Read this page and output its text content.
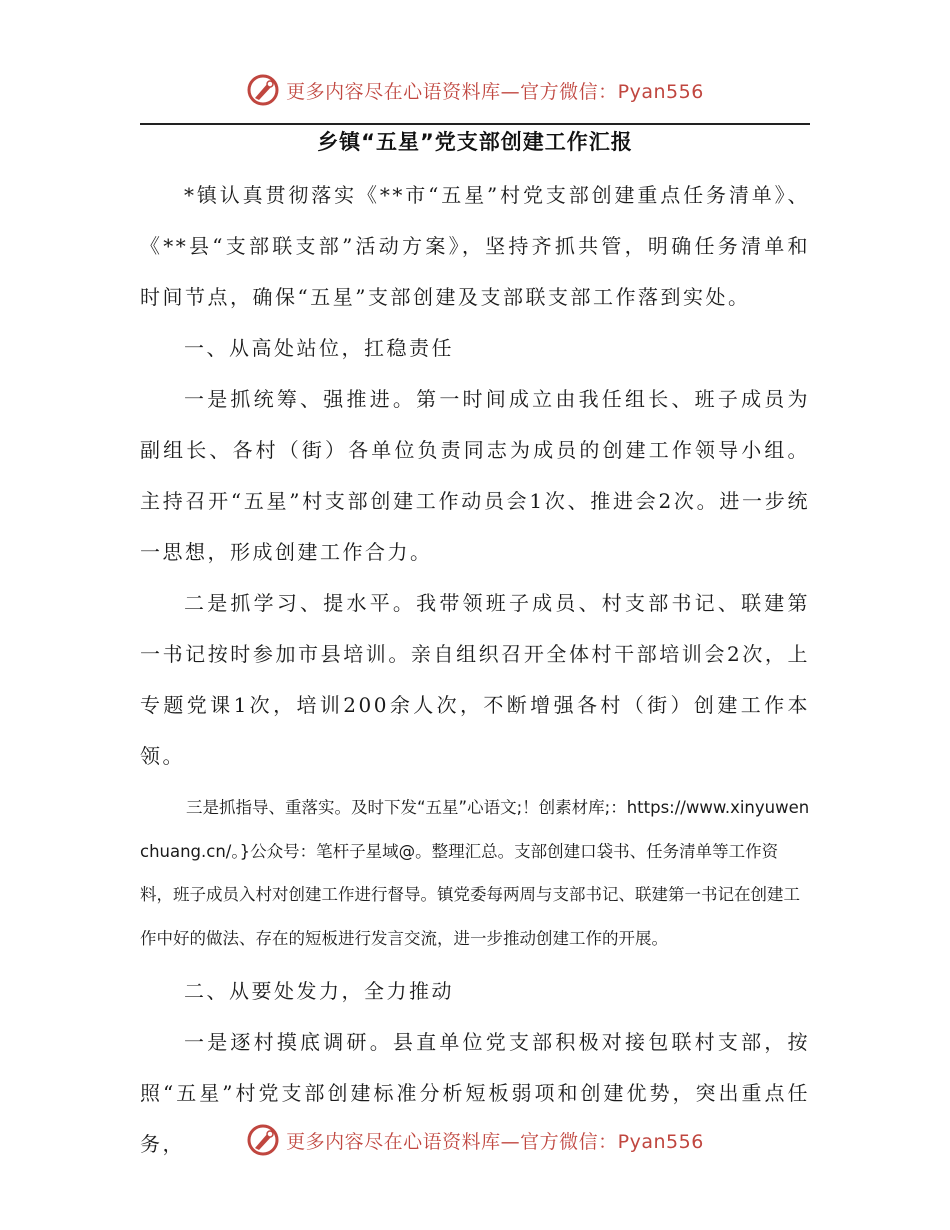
更多内容尽在心语资料库—官方微信：Pyan556
乡镇“五星”党支部创建工作汇报

*镇认真贯彻落实《**市“五星”村党支部创建重点任务清单》、《**县“支部联支部”活动方案》，坚持齐抓共管，明确任务清单和时间节点，确保“五星”支部创建及支部联支部工作落到实处。

一、从高处站位，扛稳责任

一是抓统筹、强推进。第一时间成立由我任组长、班子成员为副组长、各村（街）各单位负责同志为成员的创建工作领导小组。主持召开“五星”村支部创建工作动员会1次、推进会2次。进一步统一思想，形成创建工作合力。

二是抓学习、提水平。我带领班子成员、村支部书记、联建第一书记按时参加市县培训。亲自组织召开全体村干部培训会2次，上专题党课1次，培训200余人次，不断增强各村（街）创建工作本领。

三是抓指导、重落实。及时下发“五星”心语文;！创素材库;：https://www.xinyuwenchuang.cn/。}公众号：笔杆子星域@。整理汇总。支部创建口袋书、任务清单等工作资料，班子成员入村对创建工作进行督导。镇党委每两周与支部书记、联建第一书记在创建工作中好的做法、存在的短板进行发言交流，进一步推动创建工作的开展。

二、从要处发力，全力推动

一是逐村摸底调研。县直单位党支部积极对接包联村支部，按照“五星”村党支部创建标准分析短板弱项和创建优势，突出重点任务，	更多内容尽在心语资料库—官方微信：Pyan556
